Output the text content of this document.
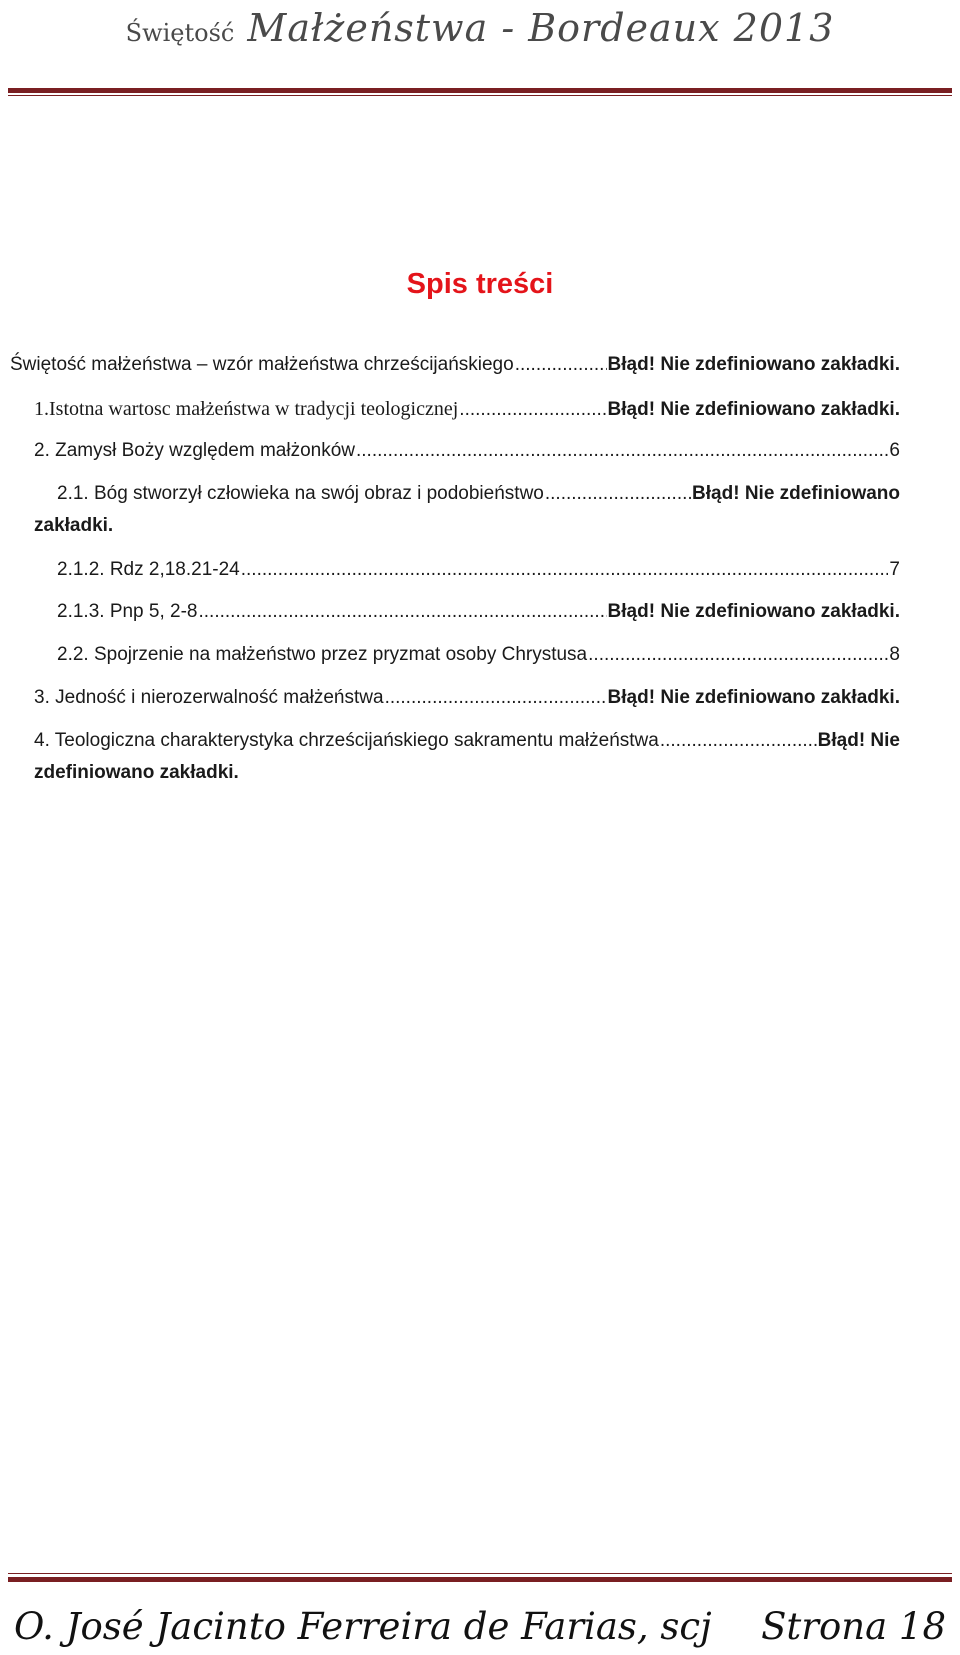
Świętość Małżeństwa - Bordeaux 2013
Spis treści
Świętość małżeństwa – wzór małżeństwa chrześcijańskiego .....	Błąd! Nie zdefiniowano zakładki.
1.Istotna wartosc małżeństwa w tradycji teologicznej .....	Błąd! Nie zdefiniowano zakładki.
2. Zamysł Boży względem małżonków .....	6
2.1. Bóg stworzył człowieka na swój obraz i podobieństwo .....	Błąd! Nie zdefiniowano
zakładki.
2.1.2. Rdz 2,18.21-24 .....	7
2.1.3. Pnp 5, 2-8 .....	Błąd! Nie zdefiniowano zakładki.
2.2. Spojrzenie na małżeństwo przez pryzmat osoby Chrystusa .....	8
3. Jedność i nierozerwalność małżeństwa .....	Błąd! Nie zdefiniowano zakładki.
4. Teologiczna charakterystyka chrześcijańskiego sakramentu małżeństwa .....	Błąd! Nie
zdefiniowano zakładki.
O. José Jacinto Ferreira de Farias, scj Strona 18
